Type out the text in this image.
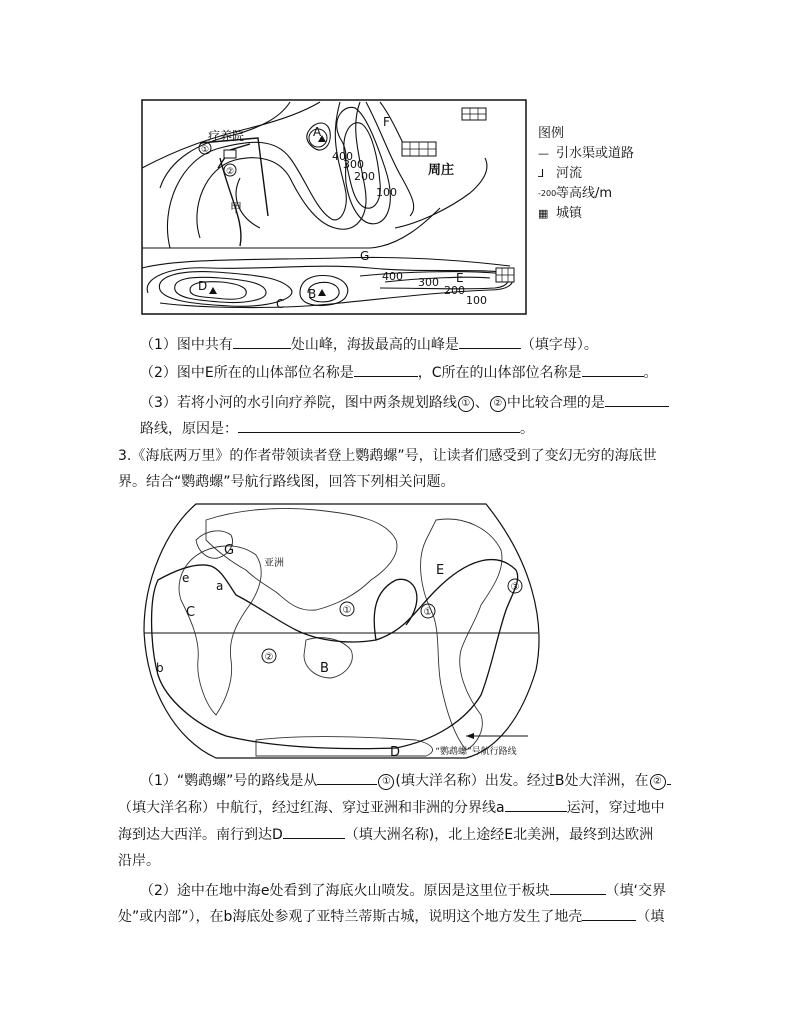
A
F
疗养院
①
②
甲
周庄
400
300
200
100
G
400 300
200
100
E
D
B
C
图例
— 引水渠或道路
⅃ 河流
-200-
等高线/m
▦ 城镇
（1）图中共有	处山峰，海拔最高的山峰是	（填字母）。
（2）图中E所在的山体部位名称是	，C所在的山体部位名称是	。
（3）若将小河的水引向疗养院，图中两条规划路线 ① 、 ② 中比较合理的是
路线，原因是：	。
3.《海底两万里》的作者带领读者登上鹦鹉螺”号，让读者们感受到了变幻无穷的海底世
界。结合“鹦鹉螺”号航行路线图，回答下列相关问题。
G
e
a
亚洲
C
b
E
B
D
①	①
②
③
“鹦鹉螺”号航行路线
（1）“鹦鹉螺”号的路线是从	① (填大洋名称）出发。经过B处大洋洲，在 ②
（填大洋名称）中航行，经过红海、穿过亚洲和非洲的分界线a	运河，穿过地中
海到达大西洋。南行到达D	（填大洲名称)，北上途经E北美洲，最终到达欧洲
沿岸。
（2）途中在地中海e处看到了海底火山喷发。原因是这里位于板块	（填‘交界
处”或内部”），在b海底处参观了亚特兰蒂斯古城，说明这个地方发生了地壳	（填
